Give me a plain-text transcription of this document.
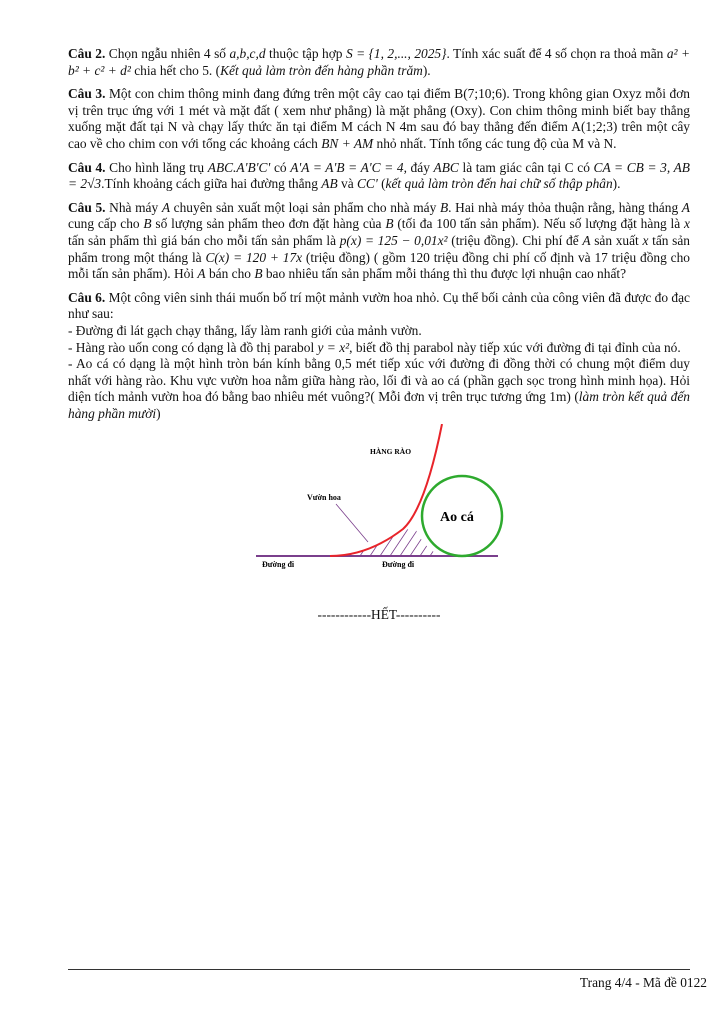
Câu 2. Chọn ngẫu nhiên 4 số a,b,c,d thuộc tập hợp S = {1, 2,..., 2025}. Tính xác suất để 4 số chọn ra thoả mãn a² + b² + c² + d² chia hết cho 5. (Kết quả làm tròn đến hàng phần trăm).

Câu 3. Một con chim thông minh đang đứng trên một cây cao tại điểm B(7;10;6). Trong không gian Oxyz mỗi đơn vị trên trục ứng với 1 mét và mặt đất ( xem như phẳng) là mặt phẳng (Oxy). Con chim thông minh biết bay thẳng xuống mặt đất tại N và chạy lấy thức ăn tại điểm M cách N 4m sau đó bay thẳng đến điểm A(1;2;3) trên một cây cao về cho chim con với tổng các khoảng cách BN + AM nhỏ nhất. Tính tổng các tung độ của M và N.

Câu 4. Cho hình lăng trụ ABC.A'B'C' có A'A = A'B = A'C = 4, đáy ABC là tam giác cân tại C có CA = CB = 3, AB = 2√3.Tính khoảng cách giữa hai đường thẳng AB và CC' (kết quả làm tròn đến hai chữ số thập phân).

Câu 5. Nhà máy A chuyên sản xuất một loại sản phẩm cho nhà máy B. Hai nhà máy thỏa thuận rằng, hàng tháng A cung cấp cho B số lượng sản phẩm theo đơn đặt hàng của B (tối đa 100 tấn sản phẩm). Nếu số lượng đặt hàng là x tấn sản phẩm thì giá bán cho mỗi tấn sản phẩm là p(x) = 125 − 0,01x² (triệu đồng). Chi phí để A sản xuất x tấn sản phẩm trong một tháng là C(x) = 120 + 17x (triệu đồng) ( gồm 120 triệu đồng chi phí cố định và 17 triệu đồng cho mỗi tấn sản phẩm). Hỏi A bán cho B bao nhiêu tấn sản phẩm mỗi tháng thì thu được lợi nhuận cao nhất?

Câu 6. Một công viên sinh thái muốn bố trí một mảnh vườn hoa nhỏ. Cụ thể bối cảnh của công viên đã được đo đạc như sau:
- Đường đi lát gạch chạy thẳng, lấy làm ranh giới của mảnh vườn.
- Hàng rào uốn cong có dạng là đồ thị parabol y = x², biết đồ thị parabol này tiếp xúc với đường đi tại đỉnh của nó.
- Ao cá có dạng là một hình tròn bán kính bằng 0,5 mét tiếp xúc với đường đi đồng thời có chung một điểm duy nhất với hàng rào. Khu vực vườn hoa nằm giữa hàng rào, lối đi và ao cá (phần gạch sọc trong hình minh họa). Hỏi diện tích mảnh vườn hoa đó bằng bao nhiêu mét vuông?( Mỗi đơn vị trên trục tương ứng 1m) (làm tròn kết quả đến hàng phần mười)
HÀNG RÀO
Vườn hoa
Ao cá
Đường đi	Đường đi
------------HẾT----------
Trang 4/4 - Mã đề 0122
